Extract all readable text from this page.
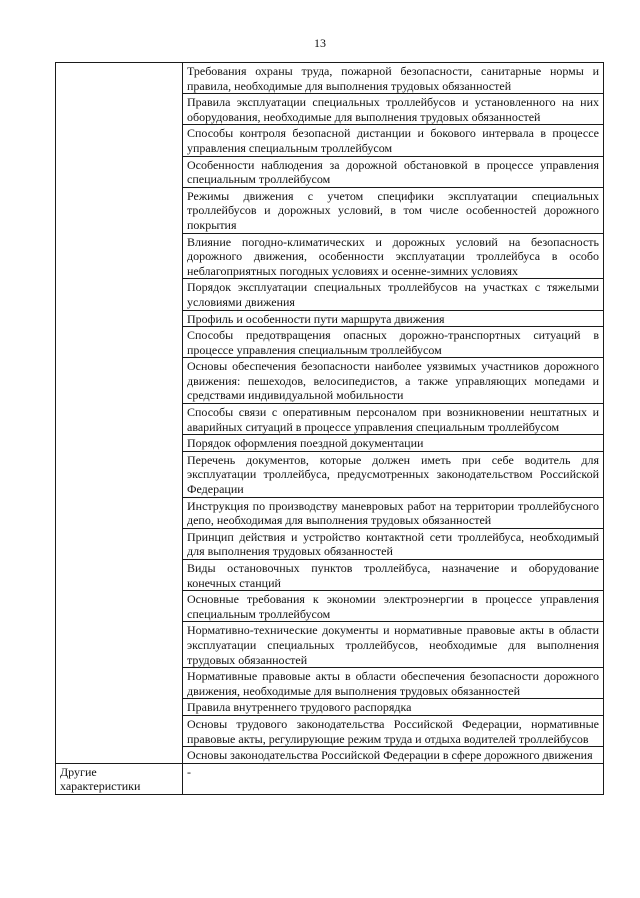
13
	Требования охраны труда, пожарной безопасности, санитарные нормы и правила, необходимые для выполнения трудовых обязанностей
	Правила эксплуатации специальных троллейбусов и установленного на них оборудования, необходимые для выполнения трудовых обязанностей
	Способы контроля безопасной дистанции и бокового интервала в процессе управления специальным троллейбусом
	Особенности наблюдения за дорожной обстановкой в процессе управления специальным троллейбусом
	Режимы движения с учетом специфики эксплуатации специальных троллейбусов и дорожных условий, в том числе особенностей дорожного покрытия
	Влияние погодно-климатических и дорожных условий на безопасность дорожного движения, особенности эксплуатации троллейбуса в особо неблагоприятных погодных условиях и осенне-зимних условиях
	Порядок эксплуатации специальных троллейбусов на участках с тяжелыми условиями движения
	Профиль и особенности пути маршрута движения
	Способы предотвращения опасных дорожно-транспортных ситуаций в процессе управления специальным троллейбусом
	Основы обеспечения безопасности наиболее уязвимых участников дорожного движения: пешеходов, велосипедистов, а также управляющих мопедами и средствами индивидуальной мобильности
	Способы связи с оперативным персоналом при возникновении нештатных и аварийных ситуаций в процессе управления специальным троллейбусом
	Порядок оформления поездной документации
	Перечень документов, которые должен иметь при себе водитель для эксплуатации троллейбуса, предусмотренных законодательством Российской Федерации
	Инструкция по производству маневровых работ на территории троллейбусного депо, необходимая для выполнения трудовых обязанностей
	Принцип действия и устройство контактной сети троллейбуса, необходимый для выполнения трудовых обязанностей
	Виды остановочных пунктов троллейбуса, назначение и оборудование конечных станций
	Основные требования к экономии электроэнергии в процессе управления специальным троллейбусом
	Нормативно-технические документы и нормативные правовые акты в области эксплуатации специальных троллейбусов, необходимые для выполнения трудовых обязанностей
	Нормативные правовые акты в области обеспечения безопасности дорожного движения, необходимые для выполнения трудовых обязанностей
	Правила внутреннего трудового распорядка
	Основы трудового законодательства Российской Федерации, нормативные правовые акты, регулирующие режим труда и отдыха водителей троллейбусов
	Основы законодательства Российской Федерации в сфере дорожного движения
Другие характеристики	-
